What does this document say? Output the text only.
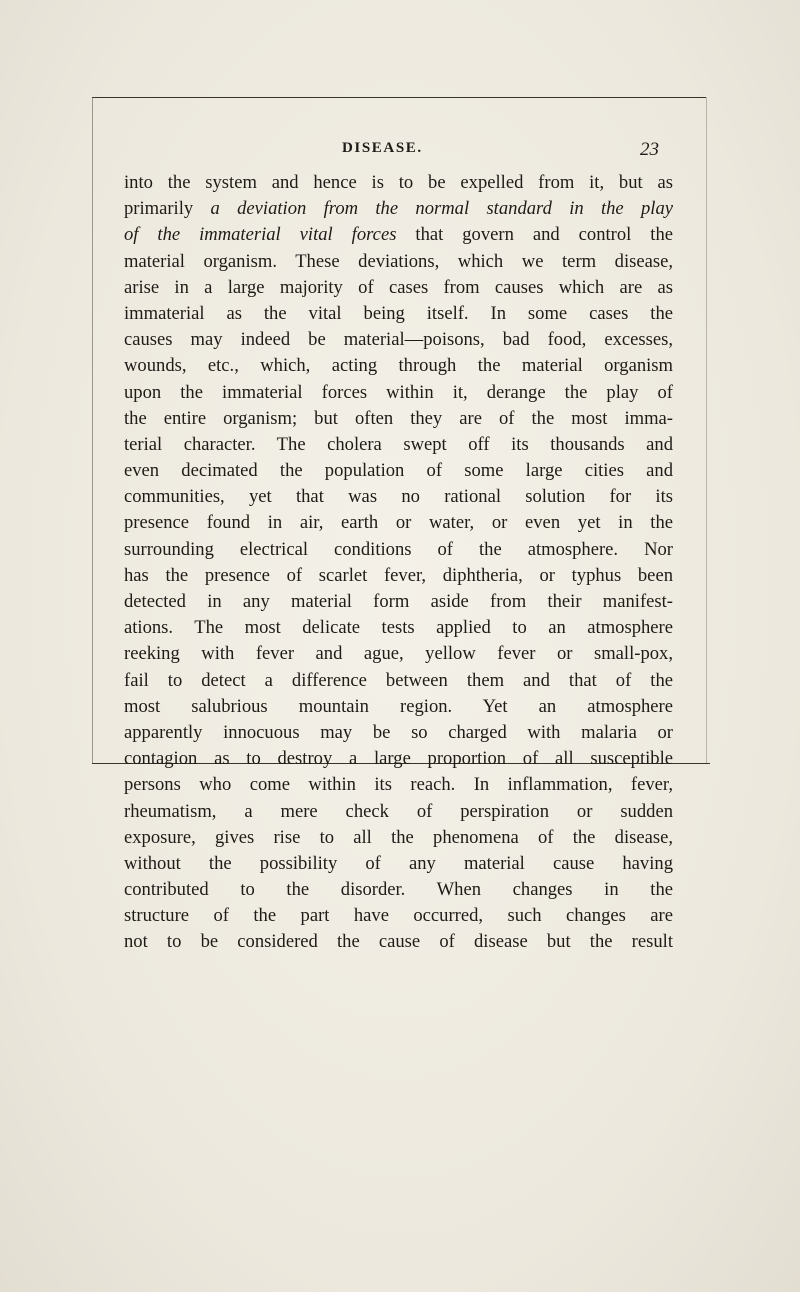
DISEASE.	23
into the system and hence is to be expelled from it, but as
primarily a deviation from the normal standard in the play
of the immaterial vital forces that govern and control the
material organism. These deviations, which we term disease,
arise in a large majority of cases from causes which are as
immaterial as the vital being itself. In some cases the
causes may indeed be material—poisons, bad food, excesses,
wounds, etc., which, acting through the material organism
upon the immaterial forces within it, derange the play of
the entire organism; but often they are of the most imma-
terial character. The cholera swept off its thousands and
even decimated the population of some large cities and
communities, yet that was no rational solution for its
presence found in air, earth or water, or even yet in the
surrounding electrical conditions of the atmosphere. Nor
has the presence of scarlet fever, diphtheria, or typhus been
detected in any material form aside from their manifest-
ations. The most delicate tests applied to an atmosphere
reeking with fever and ague, yellow fever or small-pox,
fail to detect a difference between them and that of the
most salubrious mountain region. Yet an atmosphere
apparently innocuous may be so charged with malaria or
contagion as to destroy a large proportion of all susceptible
persons who come within its reach. In inflammation, fever,
rheumatism, a mere check of perspiration or sudden
exposure, gives rise to all the phenomena of the disease,
without the possibility of any material cause having
contributed to the disorder. When changes in the
structure of the part have occurred, such changes are
not to be considered the cause of disease but the result
